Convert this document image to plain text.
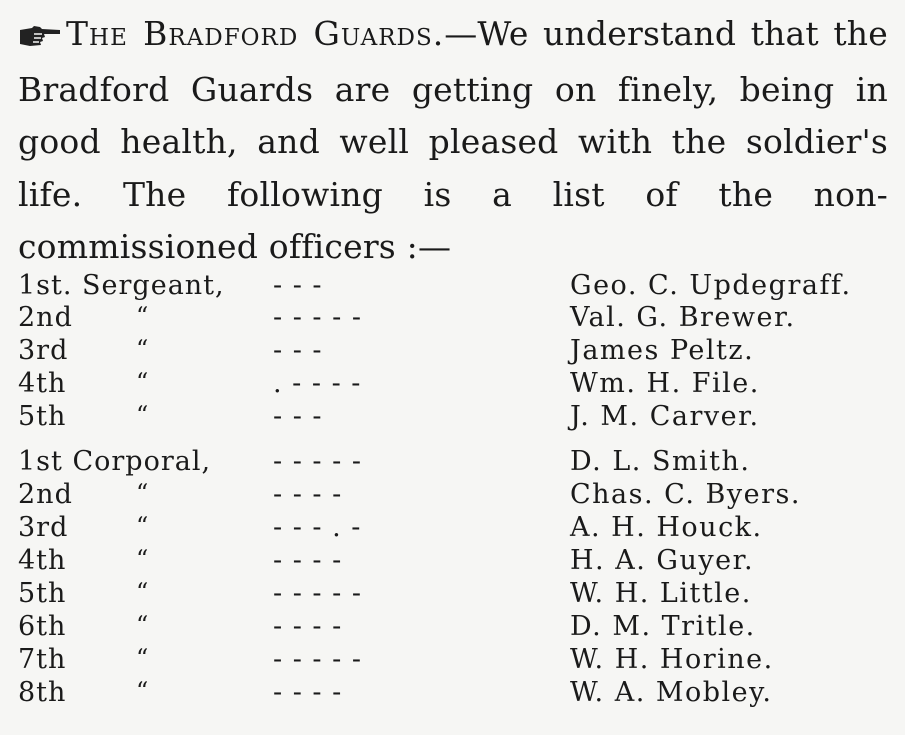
The Bradford Guards.—We understand that the Bradford Guards are getting on finely, being in good health, and well pleased with the soldier's life. The following is a list of the non-commissioned officers :—
1st. Sergeant, - - -	Geo. C. Updegraff.
2nd	“	- - - - -	Val. G. Brewer.
3rd	“	- - -	James Peltz.
4th	“	. - - - -	Wm. H. File.
5th	“	- - -	J. M. Carver.
1st Corporal, - - - - -	D. L. Smith.
2nd	“	- - - -	Chas. C. Byers.
3rd	“	- - - . -	A. H. Houck.
4th	“	- - - -	H. A. Guyer.
5th	“	- - - - -	W. H. Little.
6th	“	- - - -	D. M. Tritle.
7th	“	- - - - -	W. H. Horine.
8th	“	- - - -	W. A. Mobley.
